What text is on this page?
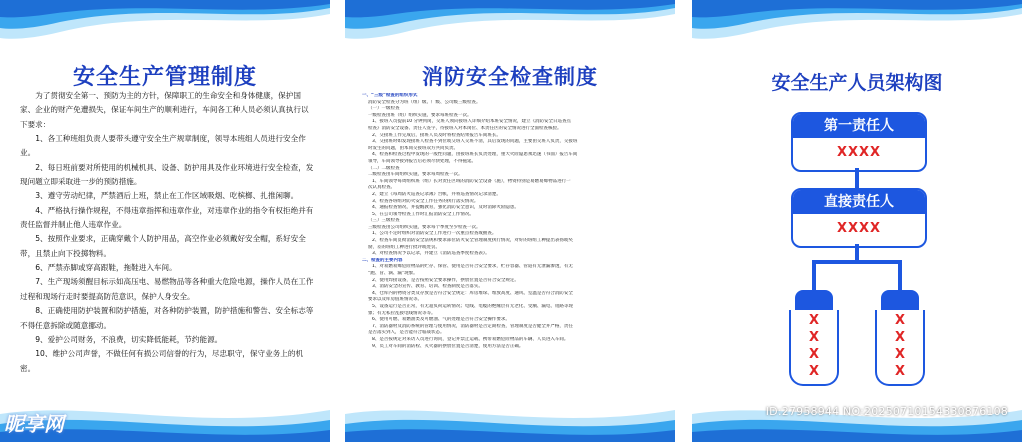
安全生产管理制度

为了贯彻安全第一、预防为主的方针，保障职工的生命安全和身体健康，保护国家、企业的财产免遭损失，保证车间生产的顺利进行，车间各工种人员必须认真执行以下要求：

1、各工种班组负责人要带头遵守安全生产规章制度，领导本班组人员进行安全作业。

2、每日班前要对所使用的机械机具、设备、防护用具及作业环境进行安全检查，发现问题立即采取进一步的预防措施。

3、遵守劳动纪律，严禁酒后上班，禁止在工作区域吸烟、吃槟榔、扎推闲聊。

4、严格执行操作规程，不得违章指挥和违章作业，对违章作业的指令有权拒绝并有责任监督并制止他人违章作业。

5、按照作业要求，正确穿戴个人防护用品，高空作业必须戴好安全帽，系好安全带，且禁止向下投掷物料。

6、严禁赤脚或穿高跟鞋，拖鞋进入车间。

7、生产现场须醒目标示如高压电、易燃物品等各种重大危险电源，操作人员在工作过程和现场行走时要提高防范意识，保护人身安全。

8、正确使用防护装置和防护措施，对各种防护装置，防护措施和警告、安全标志等不得任意拆除或随意挪动。

9、爱护公司财务，不浪费，切实降低能耗，节约能源。

10、维护公司声誉，不做任何有损公司信誉的行为，尽忠职守，保守业务上的机密。

消防安全检查制度

一、“三级”检查的组织形式

消防安全检查分为班（组）级、厂级、公司级三级检查。

（一）一级检查

一级检查由班（组）组织实施，要求每班检查一次。

1、接班人员提前10 分钟到岗，交班人须向接班人详细介绍本班安全情况，建立《消防安全日巡查点

检查》消防安全设备、责任人签字，待接班人对本岗位、本责任区的安全情况进行全面检查核验。

2、交接班工作完成后，接班人员及时将检查结果报告车间班长。

3、交接班时如发现接班人检查不到位或交班人交班不清，其后发现的问题，主要由交班人负责，交接班

时发生的问题，由本岗交接班双方共同负责。

4、检查和检查过程中发现的一般性问题，由接班班长负责处理，重大火险隐患须迅速（书面）报告车间

领导，车间领导接到报告后必须尽快处理，不得拖延。

（二）二级检查

二级检查由车间组织实施，要求每周检查一次。

1、车间领导每周组织班（组）长对责任区域的消防安全设备（施），物资特别是易燃易爆物品进行一

次认真检查。

2、建立《每周防火巡查记录簿》台帐，并将巡查情况记录清楚。

3、检查各班组对防火安全工作任务的执行落实情况。

4、通报检查情况，并提醒教育，强化消防安全意识，及时消除火险隐患。

5、在公司领导检查工作时汇报消防安全工作情况。

（三）三级检查

三级检查由公司组织实施，要求每个季度至少检查一次。

1、公司不定时组织对消防安全工作进行一次重点检查或抽查。

2、检查车间贯彻消防安全法规和要求部位防火安全管理制度执行情况，对好的班组工种提出表扬或奖

励，差的班组工种进行批评或处罚。

3、对检查情况予以记录，并建立《消防巡查季度检查表》。

二、检查的主要内容

1、对易燃易爆危险物品的贮存、保管、使用是否符合安全要求，贮存容器、管道有无泄漏渗透，有无

“跑、冒、滴、漏”现象。

2、使用焊接设备，是否按照安全要求操作，摆放位置是否符合安全规定。

3、消防安全的宣传、教育、培训、检查制度是否落实。

4、仓库内的物资分类及存放是否符合安全规定：库房堆垛、堆放高度、通风、室温是否符合消防安全

要求以及库房值班情况等。

5、设备运行是否正常，有无超负荷运转情况；电线、电缆的绝缘层有无老化、受潮、漏电、短路等现

象；有无私拉乱接电线情况等等。

6、使用可燃、易燃油类及可燃油、气的处理是否符合安全操作要求。

7、消防器材及消防系统的管理与使用情况，消防器材是否定期检查，管理制度是否健全并严格，责任

是否落实到人，是否能符合临战状态。

8、是否按规定对来访人员进行询问，登记并禁止运载、携带易燃危险物品的车辆、人员进入车间。

9、员工对车间的消防栓、灭火器的摆放位置是否清楚，使用方法是否正确。

安全生产人员架构图
第一责任人
XXXX
直接责任人
XXXX
X
X
X
X
X
X
X
X
昵享网
ID:27958944 NO:20250710154330876108
